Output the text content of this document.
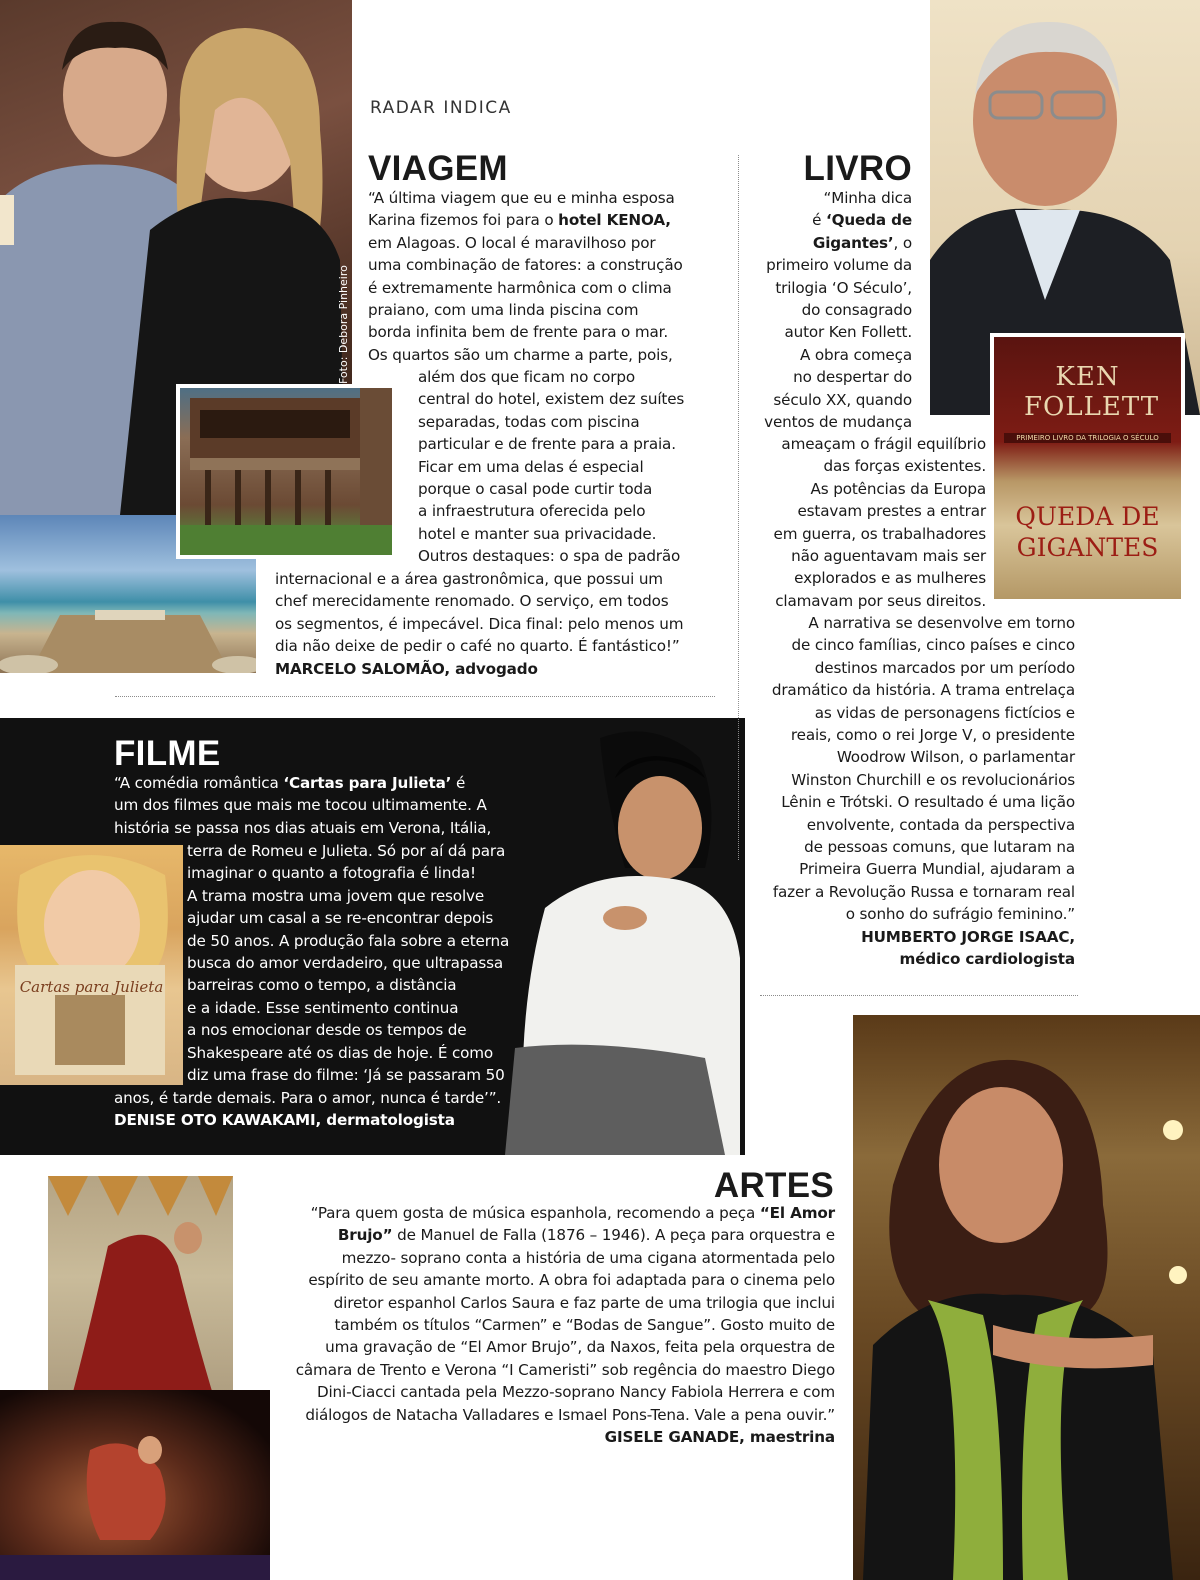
Foto: Debora Pinheiro	KEN FOLLETT
PRIMEIRO LIVRO DA TRILOGIA O SÉCULO
QUEDA DE
GIGANTES
Cartas para Julieta
RADAR INDICA
VIAGEM
“A última viagem que eu e minha esposa
Karina fizemos foi para o hotel KENOA,
em Alagoas. O local é maravilhoso por
uma combinação de fatores: a construção
é extremamente harmônica com o clima
praiano, com uma linda piscina com
borda infinita bem de frente para o mar.
Os quartos são um charme a parte, pois,
além dos que ficam no corpo
central do hotel, existem dez suítes
separadas, todas com piscina
particular e de frente para a praia.
Ficar em uma delas é especial
porque o casal pode curtir toda
a infraestrutura oferecida pelo
hotel e manter sua privacidade.
Outros destaques: o spa de padrão
internacional e a área gastronômica, que possui um
chef merecidamente renomado. O serviço, em todos
os segmentos, é impecável. Dica final: pelo menos um
dia não deixe de pedir o café no quarto. É fantástico!”
MARCELO SALOMÃO, advogado
LIVRO
“Minha dica
é ‘Queda de
Gigantes’, o
primeiro volume da
trilogia ‘O Século’,
do consagrado
autor Ken Follett.
A obra começa
no despertar do
século XX, quando
ventos de mudança
ameaçam o frágil equilíbrio
das forças existentes.
As potências da Europa
estavam prestes a entrar
em guerra, os trabalhadores
não aguentavam mais ser
explorados e as mulheres
clamavam por seus direitos.
A narrativa se desenvolve em torno
de cinco famílias, cinco países e cinco
destinos marcados por um período
dramático da história. A trama entrelaça
as vidas de personagens fictícios e
reais, como o rei Jorge V, o presidente
Woodrow Wilson, o parlamentar
Winston Churchill e os revolucionários
Lênin e Trótski. O resultado é uma lição
envolvente, contada da perspectiva
de pessoas comuns, que lutaram na
Primeira Guerra Mundial, ajudaram a
fazer a Revolução Russa e tornaram real
o sonho do sufrágio feminino.”
HUMBERTO JORGE ISAAC,
médico cardiologista
FILME
“A comédia romântica ‘Cartas para Julieta’ é
um dos filmes que mais me tocou ultimamente. A
história se passa nos dias atuais em Verona, Itália,
terra de Romeu e Julieta. Só por aí dá para
imaginar o quanto a fotografia é linda!
A trama mostra uma jovem que resolve
ajudar um casal a se re-encontrar depois
de 50 anos. A produção fala sobre a eterna
busca do amor verdadeiro, que ultrapassa
barreiras como o tempo, a distância
e a idade. Esse sentimento continua
a nos emocionar desde os tempos de
Shakespeare até os dias de hoje. É como
diz uma frase do filme: ‘Já se passaram 50
anos, é tarde demais. Para o amor, nunca é tarde’”.
DENISE OTO KAWAKAMI, dermatologista
ARTES
“Para quem gosta de música espanhola, recomendo a peça “El Amor
Brujo” de Manuel de Falla (1876 – 1946). A peça para orquestra e
mezzo- soprano conta a história de uma cigana atormentada pelo
espírito de seu amante morto. A obra foi adaptada para o cinema pelo
diretor espanhol Carlos Saura e faz parte de uma trilogia que inclui
também os títulos “Carmen” e “Bodas de Sangue”. Gosto muito de
uma gravação de “El Amor Brujo”, da Naxos, feita pela orquestra de
câmara de Trento e Verona “I Cameristi” sob regência do maestro Diego
Dini-Ciacci cantada pela Mezzo-soprano Nancy Fabiola Herrera e com
diálogos de Natacha Valladares e Ismael Pons-Tena. Vale a pena ouvir.”
GISELE GANADE, maestrina
